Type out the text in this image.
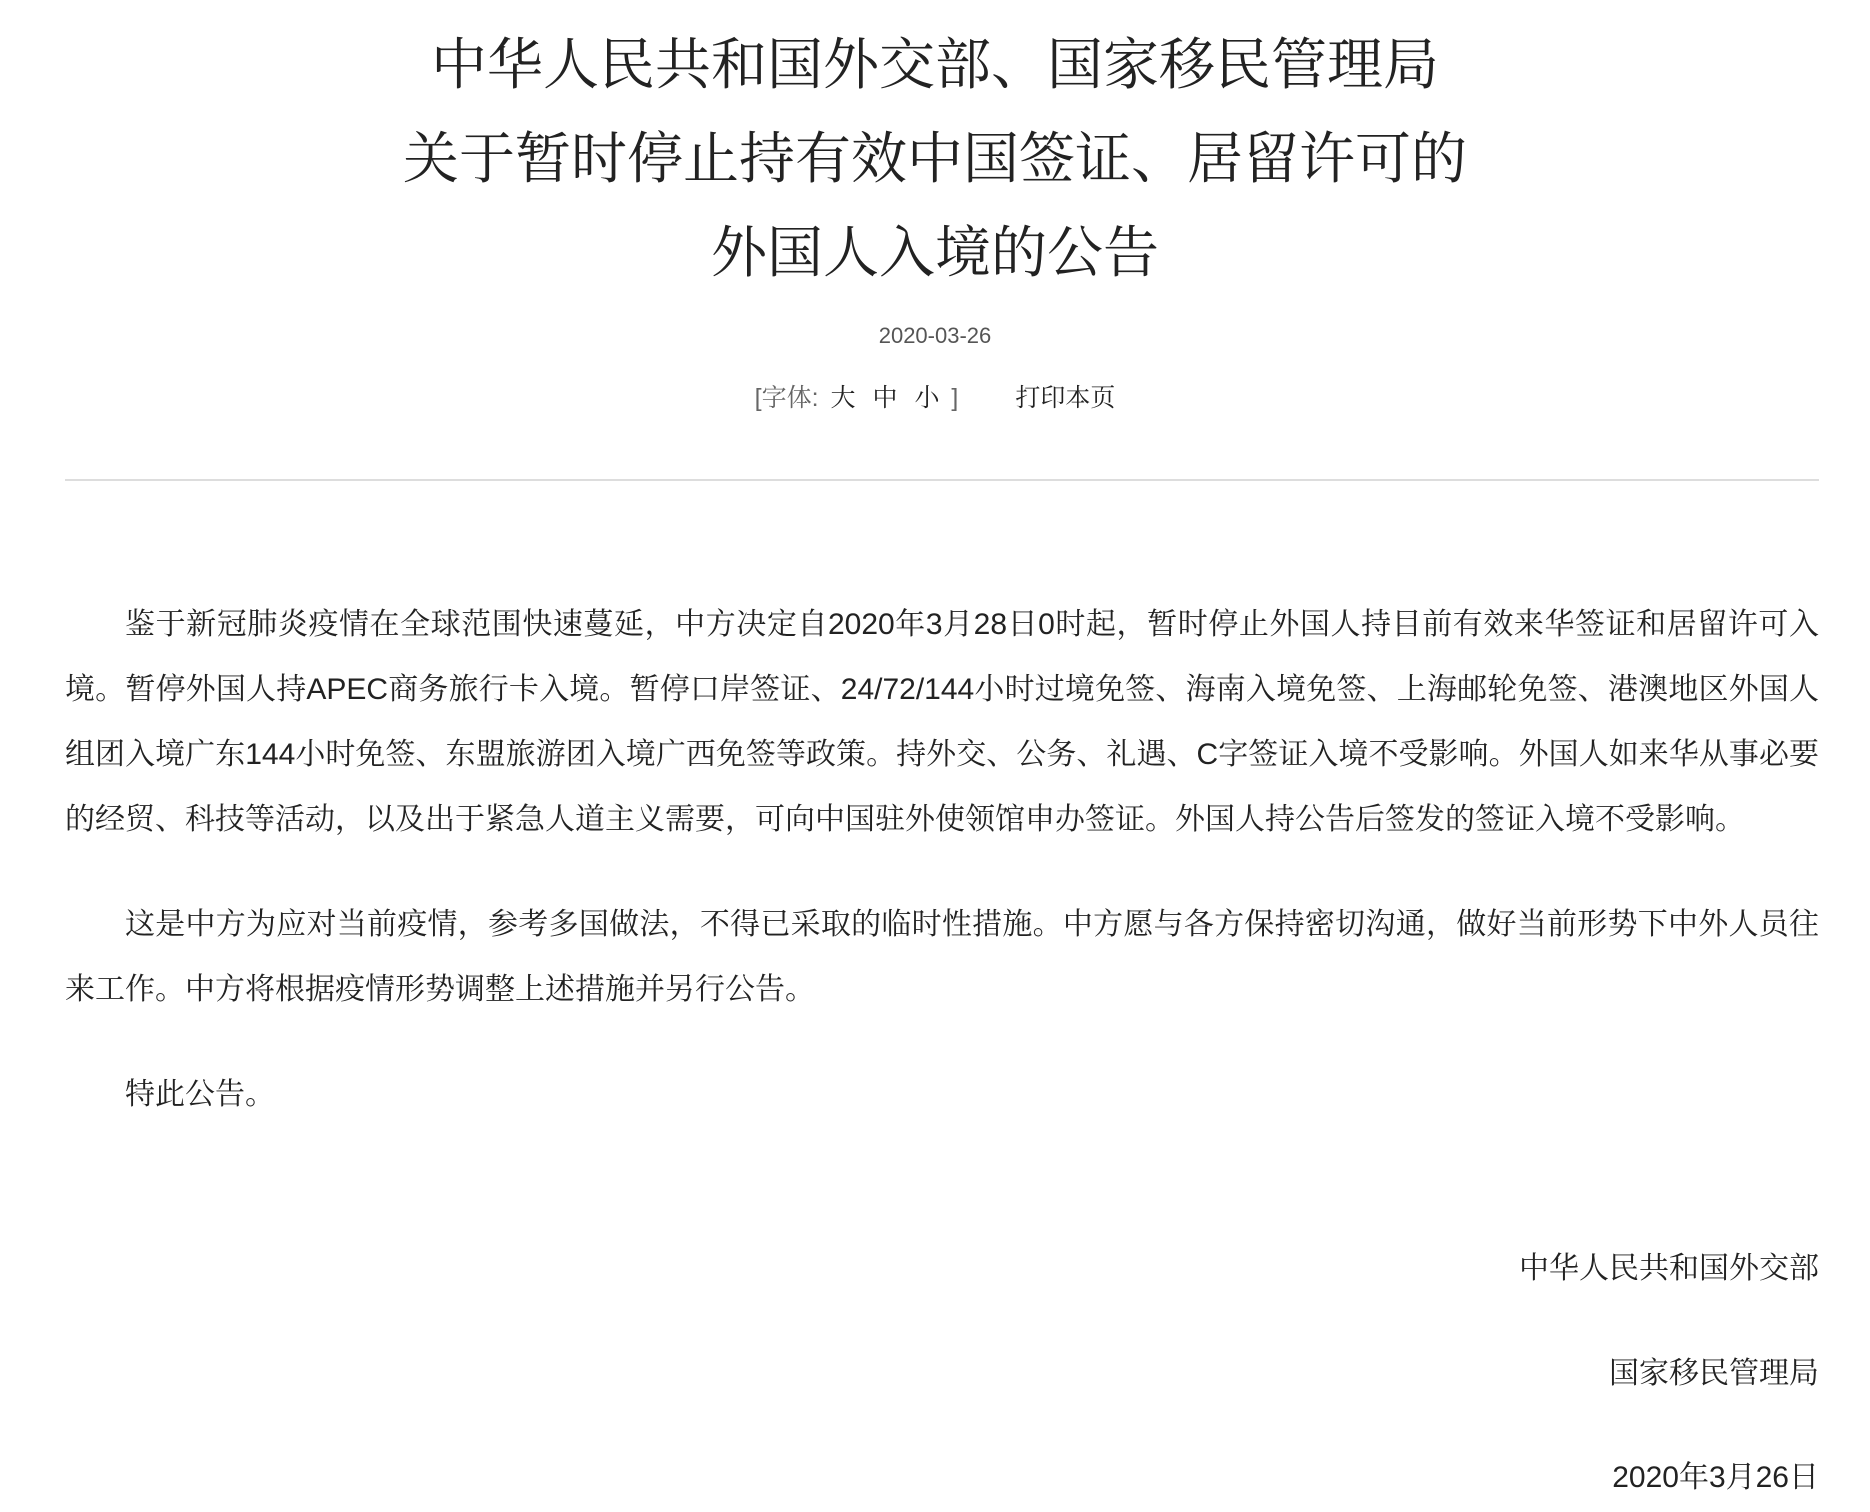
中华人民共和国外交部、国家移民管理局
关于暂时停止持有效中国签证、居留许可的
外国人入境的公告
2020-03-26
[字体: 大 中 小 ] 打印本页

鉴于新冠肺炎疫情在全球范围快速蔓延，中方决定自2020年3月28日0时起，暂时停止外国人持目前有效来华签证和居留许可入境。暂停外国人持APEC商务旅行卡入境。暂停口岸签证、24/72/144小时过境免签、海南入境免签、上海邮轮免签、港澳地区外国人组团入境广东144小时免签、东盟旅游团入境广西免签等政策。持外交、公务、礼遇、C字签证入境不受影响。外国人如来华从事必要的经贸、科技等活动，以及出于紧急人道主义需要，可向中国驻外使领馆申办签证。外国人持公告后签发的签证入境不受影响。

这是中方为应对当前疫情，参考多国做法，不得已采取的临时性措施。中方愿与各方保持密切沟通，做好当前形势下中外人员往来工作。中方将根据疫情形势调整上述措施并另行公告。

特此公告。

中华人民共和国外交部
国家移民管理局
2020年3月26日
